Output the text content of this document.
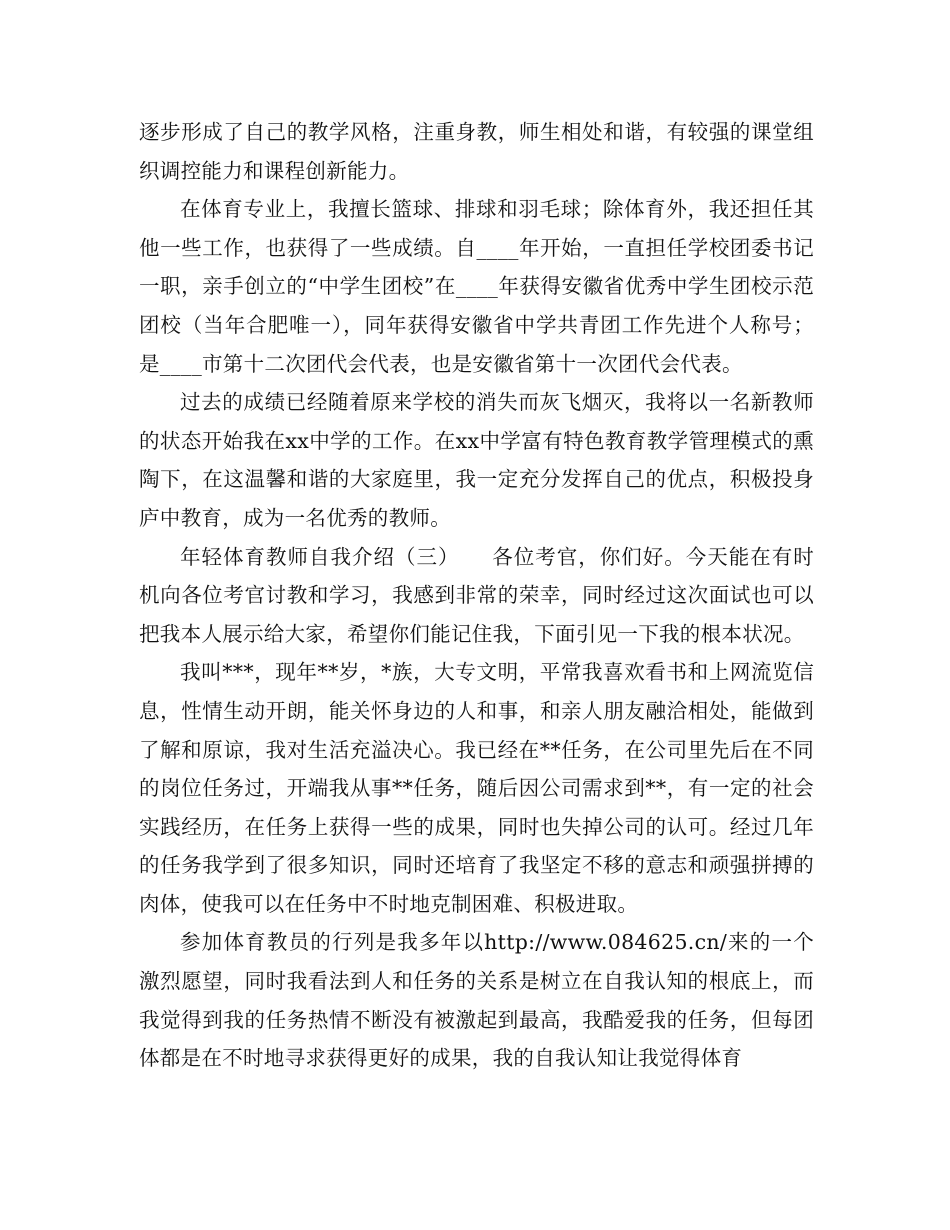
逐步形成了自己的教学风格，注重身教，师生相处和谐，有较强的课堂组织调控能力和课程创新能力。

在体育专业上，我擅长篮球、排球和羽毛球；除体育外，我还担任其他一些工作，也获得了一些成绩。自____年开始，一直担任学校团委书记一职，亲手创立的“中学生团校”在____年获得安徽省优秀中学生团校示范团校（当年合肥唯一），同年获得安徽省中学共青团工作先进个人称号；是____市第十二次团代会代表，也是安徽省第十一次团代会代表。

过去的成绩已经随着原来学校的消失而灰飞烟灭，我将以一名新教师的状态开始我在xx中学的工作。在xx中学富有特色教育教学管理模式的熏陶下，在这温馨和谐的大家庭里，我一定充分发挥自己的优点，积极投身庐中教育，成为一名优秀的教师。

年轻体育教师自我介绍（三）　　各位考官，你们好。今天能在有时机向各位考官讨教和学习，我感到非常的荣幸，同时经过这次面试也可以把我本人展示给大家，希望你们能记住我，下面引见一下我的根本状况。

我叫***，现年**岁，*族，大专文明，平常我喜欢看书和上网流览信息，性情生动开朗，能关怀身边的人和事，和亲人朋友融洽相处，能做到了解和原谅，我对生活充溢决心。我已经在**任务，在公司里先后在不同的岗位任务过，开端我从事**任务，随后因公司需求到**，有一定的社会实践经历，在任务上获得一些的成果，同时也失掉公司的认可。经过几年的任务我学到了很多知识，同时还培育了我坚定不移的意志和顽强拼搏的肉体，使我可以在任务中不时地克制困难、积极进取。

参加体育教员的行列是我多年以http://www.084625.cn/来的一个激烈愿望，同时我看法到人和任务的关系是树立在自我认知的根底上，而我觉得到我的任务热情不断没有被激起到最高，我酷爱我的任务，但每团体都是在不时地寻求获得更好的成果，我的自我认知让我觉得体育
